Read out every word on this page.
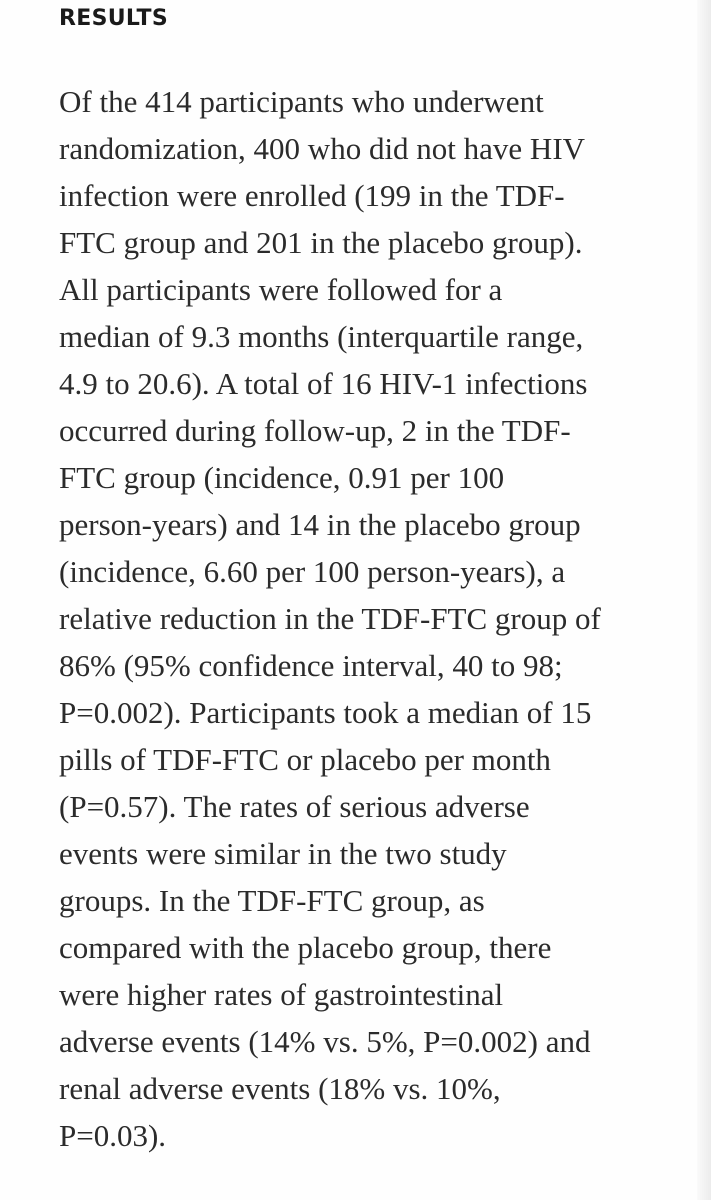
RESULTS

Of the 414 participants who underwent
randomization, 400 who did not have HIV
infection were enrolled (199 in the TDF-
FTC group and 201 in the placebo group).
All participants were followed for a
median of 9.3 months (interquartile range,
4.9 to 20.6). A total of 16 HIV-1 infections
occurred during follow-up, 2 in the TDF-
FTC group (incidence, 0.91 per 100
person-years) and 14 in the placebo group
(incidence, 6.60 per 100 person-years), a
relative reduction in the TDF-FTC group of
86% (95% confidence interval, 40 to 98;
P=0.002). Participants took a median of 15
pills of TDF-FTC or placebo per month
(P=0.57). The rates of serious adverse
events were similar in the two study
groups. In the TDF-FTC group, as
compared with the placebo group, there
were higher rates of gastrointestinal
adverse events (14% vs. 5%, P=0.002) and
renal adverse events (18% vs. 10%,
P=0.03).
